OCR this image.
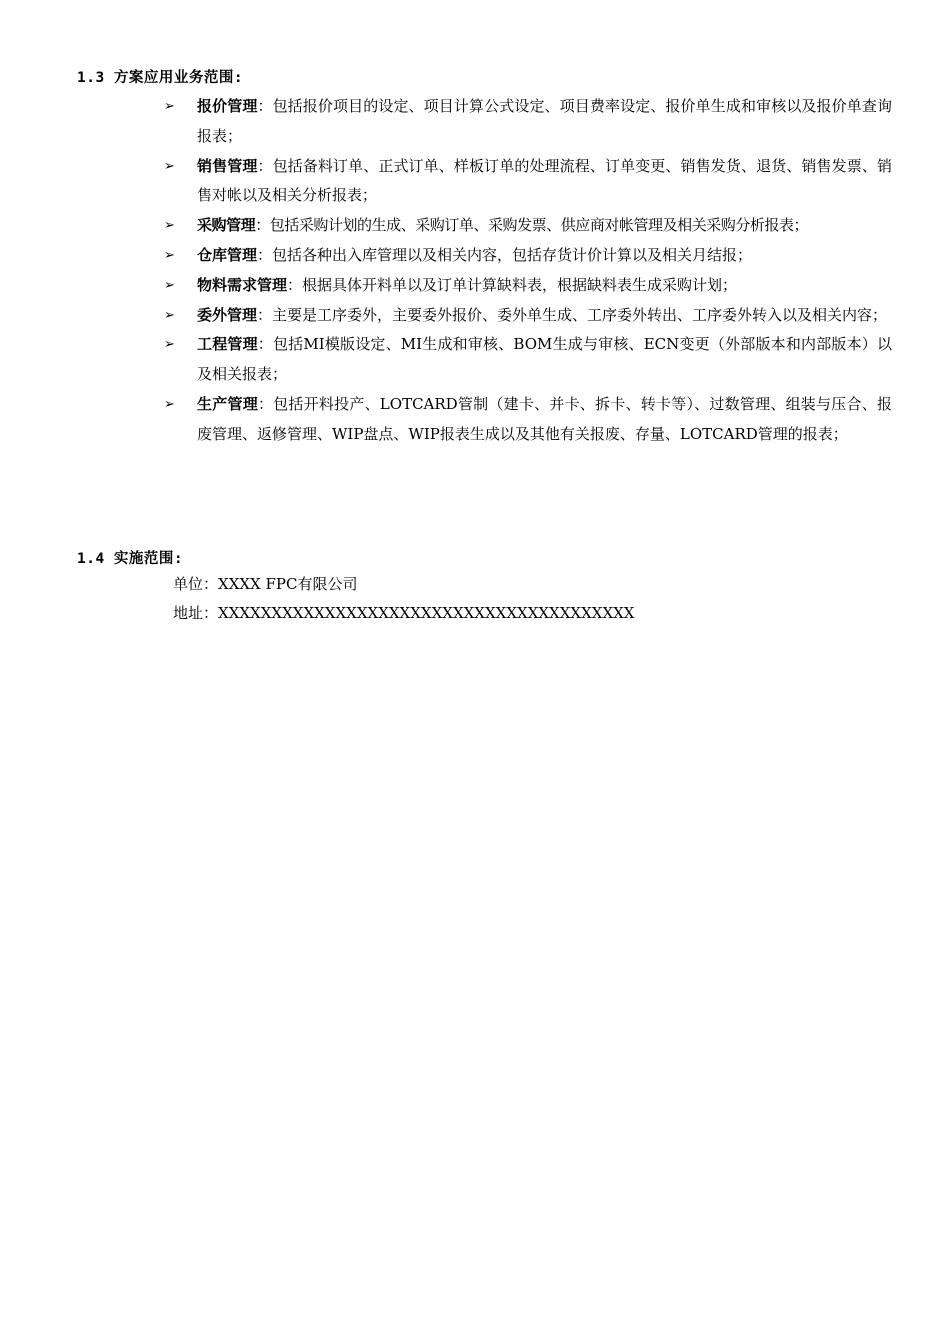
1.3 方案应用业务范围:
➢ 报价管理：包括报价项目的设定、项目计算公式设定、项目费率设定、报价单生成和审核以及报价单查询报表；
➢ 销售管理：包括备料订单、正式订单、样板订单的处理流程、订单变更、销售发货、退货、销售发票、销售对帐以及相关分析报表；
➢ 采购管理：包括采购计划的生成、采购订单、采购发票、供应商对帐管理及相关采购分析报表；
➢ 仓库管理：包括各种出入库管理以及相关内容，包括存货计价计算以及相关月结报；
➢ 物料需求管理：根据具体开料单以及订单计算缺料表，根据缺料表生成采购计划；
➢ 委外管理：主要是工序委外，主要委外报价、委外单生成、工序委外转出、工序委外转入以及相关内容；
➢ 工程管理：包括MI模版设定、MI生成和审核、BOM生成与审核、ECN变更（外部版本和内部版本）以及相关报表；
➢ 生产管理：包括开料投产、LOTCARD管制（建卡、并卡、拆卡、转卡等）、过数管理、组装与压合、报废管理、返修管理、WIP盘点、WIP报表生成以及其他有关报废、存量、LOTCARD管理的报表；
1.4 实施范围:
单位：XXXX FPC有限公司
地址：XXXXXXXXXXXXXXXXXXXXXXXXXXXXXXXXXXXXXXX
